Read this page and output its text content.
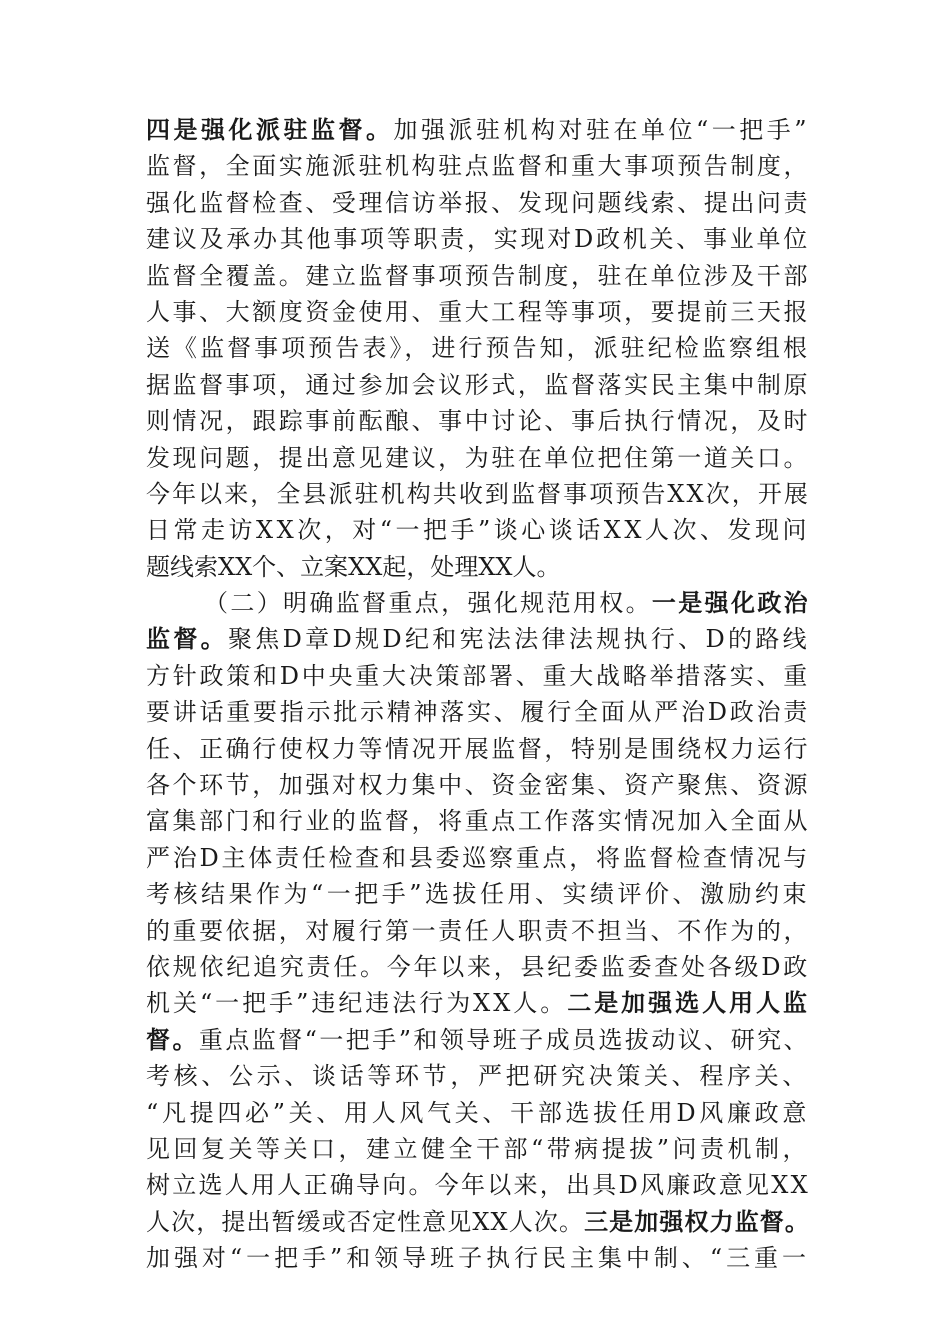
四是强化派驻监督。加强派驻机构对驻在单位“一把手”
监督，全面实施派驻机构驻点监督和重大事项预告制度，
强化监督检查、受理信访举报、发现问题线索、提出问责
建议及承办其他事项等职责，实现对D政机关、事业单位
监督全覆盖。建立监督事项预告制度，驻在单位涉及干部
人事、大额度资金使用、重大工程等事项，要提前三天报
送《监督事项预告表》，进行预告知，派驻纪检监察组根
据监督事项，通过参加会议形式，监督落实民主集中制原
则情况，跟踪事前酝酿、事中讨论、事后执行情况，及时
发现问题，提出意见建议，为驻在单位把住第一道关口。
今年以来，全县派驻机构共收到监督事项预告XX次，开展
日常走访XX次，对“一把手”谈心谈话XX人次、发现问
题线索XX个、立案XX起，处理XX人。
（二）明确监督重点，强化规范用权。一是强化政治
监督。聚焦D章D规D纪和宪法法律法规执行、D的路线
方针政策和D中央重大决策部署、重大战略举措落实、重
要讲话重要指示批示精神落实、履行全面从严治D政治责
任、正确行使权力等情况开展监督，特别是围绕权力运行
各个环节，加强对权力集中、资金密集、资产聚焦、资源
富集部门和行业的监督，将重点工作落实情况加入全面从
严治D主体责任检查和县委巡察重点，将监督检查情况与
考核结果作为“一把手”选拔任用、实绩评价、激励约束
的重要依据，对履行第一责任人职责不担当、不作为的，
依规依纪追究责任。今年以来，县纪委监委查处各级D政
机关“一把手”违纪违法行为XX人。二是加强选人用人监
督。重点监督“一把手”和领导班子成员选拔动议、研究、
考核、公示、谈话等环节，严把研究决策关、程序关、
“凡提四必”关、用人风气关、干部选拔任用D风廉政意
见回复关等关口，建立健全干部“带病提拔”问责机制，
树立选人用人正确导向。今年以来，出具D风廉政意见XX
人次，提出暂缓或否定性意见XX人次。三是加强权力监督。
加强对“一把手”和领导班子执行民主集中制、“三重一
